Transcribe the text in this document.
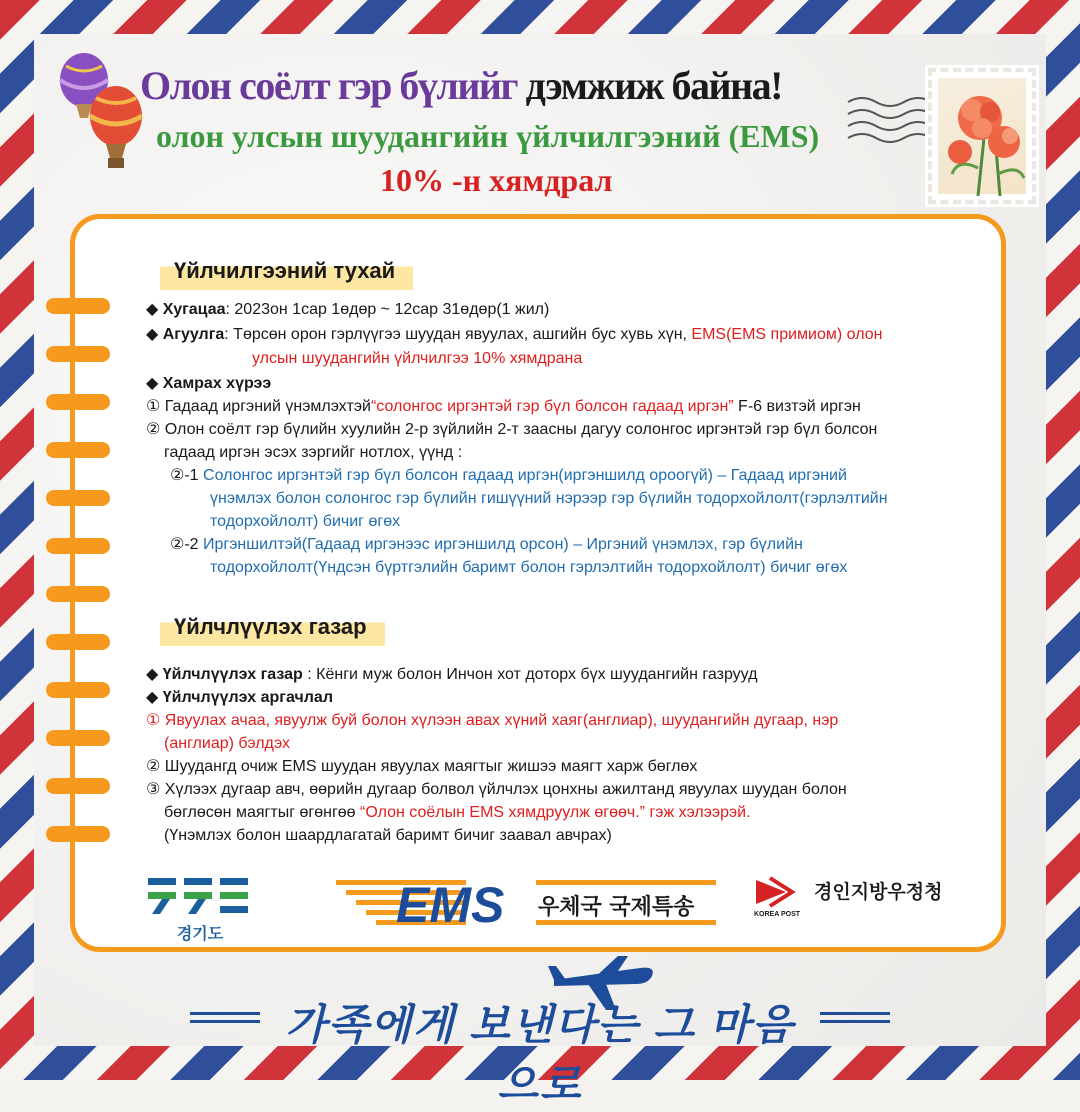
Олон соёлт гэр бүлийг дэмжиж байна!
олон улсын шуудангийн үйлчилгээний (EMS)
10% -н хямдрал
Үйлчилгээний тухай
◆ Хугацаа: 2023он 1сар 1өдөр ~ 12сар 31өдөр(1 жил)
◆ Агуулга: Төрсөн орон гэрлүүгээ шуудан явуулах, ашгийн бус хувь хүн, EMS(EMS примиом) олон
улсын шуудангийн үйлчилгээ 10% хямдрана
◆ Хамрах хүрээ
① Гадаад иргэний үнэмлэхтэй“солонгос иргэнтэй гэр бүл болсон гадаад иргэн” F-6 визтэй иргэн
② Олон соёлт гэр бүлийн хуулийн 2-р зүйлийн 2-т заасны дагуу солонгос иргэнтэй гэр бүл болсон
гадаад иргэн эсэх зэргийг нотлох, үүнд :
②-1 Солонгос иргэнтэй гэр бүл болсон гадаад иргэн(иргэншилд ороогүй) – Гадаад иргэний
үнэмлэх болон солонгос гэр бүлийн гишүүний нэрээр гэр бүлийн тодорхойлолт(гэрлэлтийн
тодорхойлолт) бичиг өгөх
②-2 Иргэншилтэй(Гадаад иргэнээс иргэншилд орсон) – Иргэний үнэмлэх, гэр бүлийн
тодорхойлолт(Үндсэн бүртгэлийн баримт болон гэрлэлтийн тодорхойлолт) бичиг өгөх
Үйлчлүүлэх газар
◆ Үйлчлүүлэх газар : Кёнги муж болон Инчон хот доторх бүх шуудангийн газрууд
◆ Үйлчлүүлэх аргачлал
① Явуулах ачаа, явуулж буй болон хүлээн авах хүний хаяг(англиар), шуудангийн дугаар, нэр
(англиар) бэлдэх
② Шуудангд очиж EMS шуудан явуулах маягтыг жишээ маягт харж бөглөх
③ Хүлээх дугаар авч, өөрийн дугаар болвол үйлчлэх цонхны ажилтанд явуулах шуудан болон
бөглөсөн маягтыг өгөнгөө “Олон соёлын EMS хямдруулж өгөөч.” гэж хэлээрэй.
(Үнэмлэх болон шаардлагатай баримт бичиг заавал авчрах)
경기도
EMS 우체국 국제특송	KOREA POST
경인지방우정청
가족에게 보낸다는 그 마음으로
